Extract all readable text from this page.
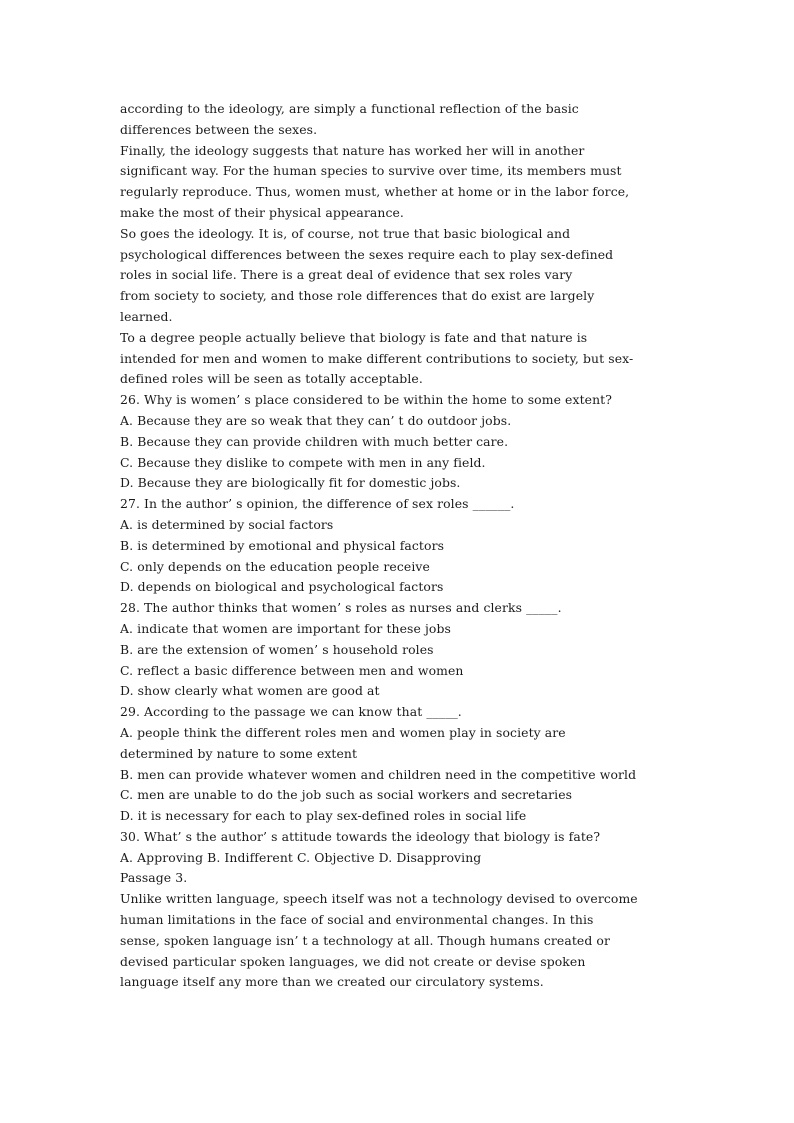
according to the ideology, are simply a functional reflection of the basic
differences between the sexes.
Finally, the ideology suggests that nature has worked her will in another
significant way. For the human species to survive over time, its members must
regularly reproduce. Thus, women must, whether at home or in the labor force,
make the most of their physical appearance.
So goes the ideology. It is, of course, not true that basic biological and
psychological differences between the sexes require each to play sex-defined
roles in social life. There is a great deal of evidence that sex roles vary
from society to society, and those role differences that do exist are largely
learned.
To a degree people actually believe that biology is fate and that nature is
intended for men and women to make different contributions to society, but sex-
defined roles will be seen as totally acceptable.
26. Why is women’ s place considered to be within the home to some extent?
A. Because they are so weak that they can’ t do outdoor jobs.
B. Because they can provide children with much better care.
C. Because they dislike to compete with men in any field.
D. Because they are biologically fit for domestic jobs.
27. In the author’ s opinion, the difference of sex roles ______.
A. is determined by social factors
B. is determined by emotional and physical factors
C. only depends on the education people receive
D. depends on biological and psychological factors
28. The author thinks that women’ s roles as nurses and clerks _____.
A. indicate that women are important for these jobs
B. are the extension of women’ s household roles
C. reflect a basic difference between men and women
D. show clearly what women are good at
29. According to the passage we can know that _____.
A. people think the different roles men and women play in society are
determined by nature to some extent
B. men can provide whatever women and children need in the competitive world
C. men are unable to do the job such as social workers and secretaries
D. it is necessary for each to play sex-defined roles in social life
30. What’ s the author’ s attitude towards the ideology that biology is fate?
A. Approving B. Indifferent C. Objective D. Disapproving
Passage 3.
Unlike written language, speech itself was not a technology devised to overcome
human limitations in the face of social and environmental changes. In this
sense, spoken language isn’ t a technology at all. Though humans created or
devised particular spoken languages, we did not create or devise spoken
language itself any more than we created our circulatory systems.
